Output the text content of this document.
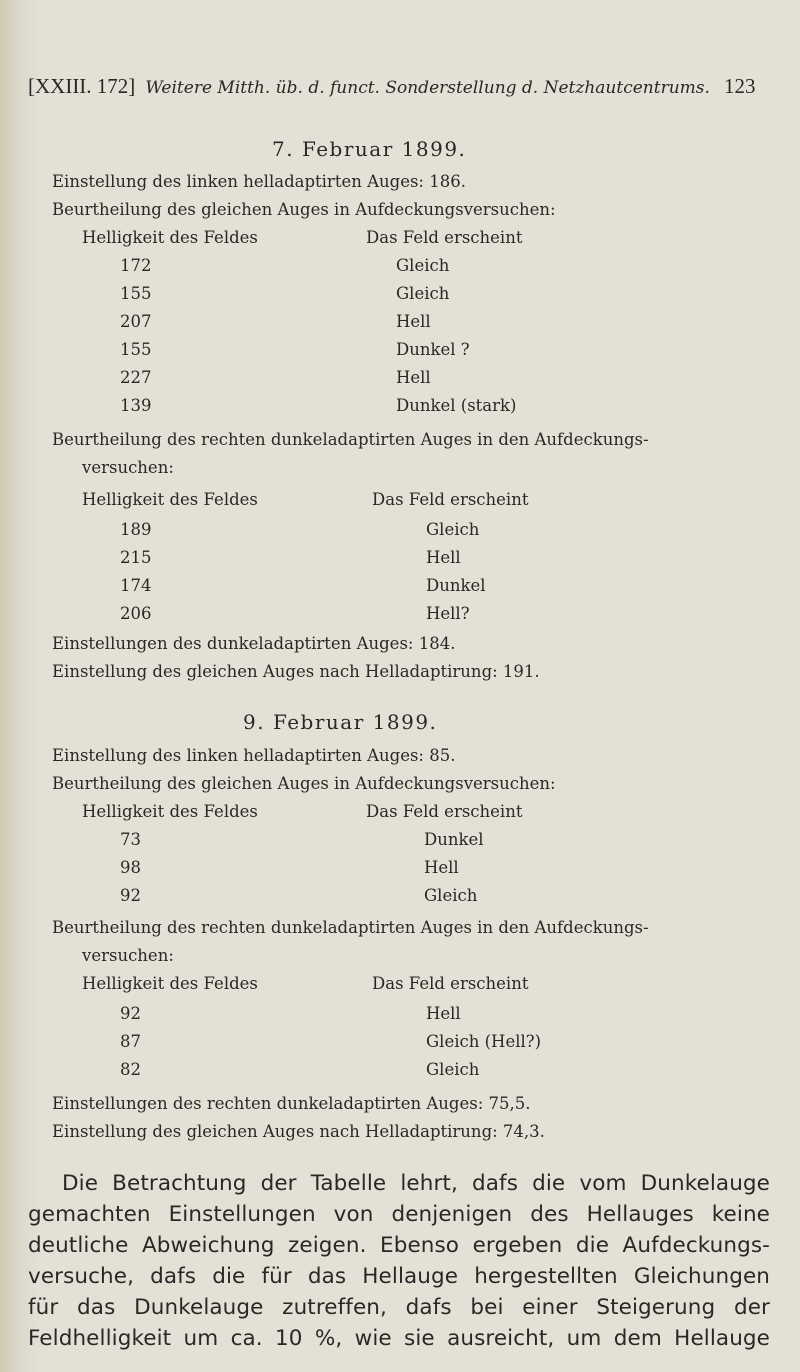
[XXIII. 172] Weitere Mitth. üb. d. funct. Sonderstellung d. Netzhautcentrums. 123
7. Februar 1899.
Einstellung des linken helladaptirten Auges: 186.
Beurtheilung des gleichen Auges in Aufdeckungsversuchen:
Helligkeit des Feldes	Das Feld erscheint
172	Gleich
155	Gleich
207	Hell
155	Dunkel ?
227	Hell
139	Dunkel (stark)
Beurtheilung des rechten dunkeladaptirten Auges in den Aufdeckungs-
versuchen:
Helligkeit des Feldes	Das Feld erscheint
189	Gleich
215	Hell
174	Dunkel
206	Hell?
Einstellungen des dunkeladaptirten Auges: 184.
Einstellung des gleichen Auges nach Helladaptirung: 191.
9. Februar 1899.
Einstellung des linken helladaptirten Auges: 85.
Beurtheilung des gleichen Auges in Aufdeckungsversuchen:
Helligkeit des Feldes	Das Feld erscheint
73	Dunkel
98	Hell
92	Gleich
Beurtheilung des rechten dunkeladaptirten Auges in den Aufdeckungs-
versuchen:
Helligkeit des Feldes	Das Feld erscheint
92	Hell
87	Gleich (Hell?)
82	Gleich
Einstellungen des rechten dunkeladaptirten Auges: 75,5.
Einstellung des gleichen Auges nach Helladaptirung: 74,3.
Die Betrachtung der Tabelle lehrt, dafs die vom Dunkelauge
gemachten Einstellungen von denjenigen des Hellauges keine
deutliche Abweichung zeigen. Ebenso ergeben die Aufdeckungs-
versuche, dafs die für das Hellauge hergestellten Gleichungen
für das Dunkelauge zutreffen, dafs bei einer Steigerung der
Feldhelligkeit um ca. 10 %, wie sie ausreicht, um dem Hellauge
